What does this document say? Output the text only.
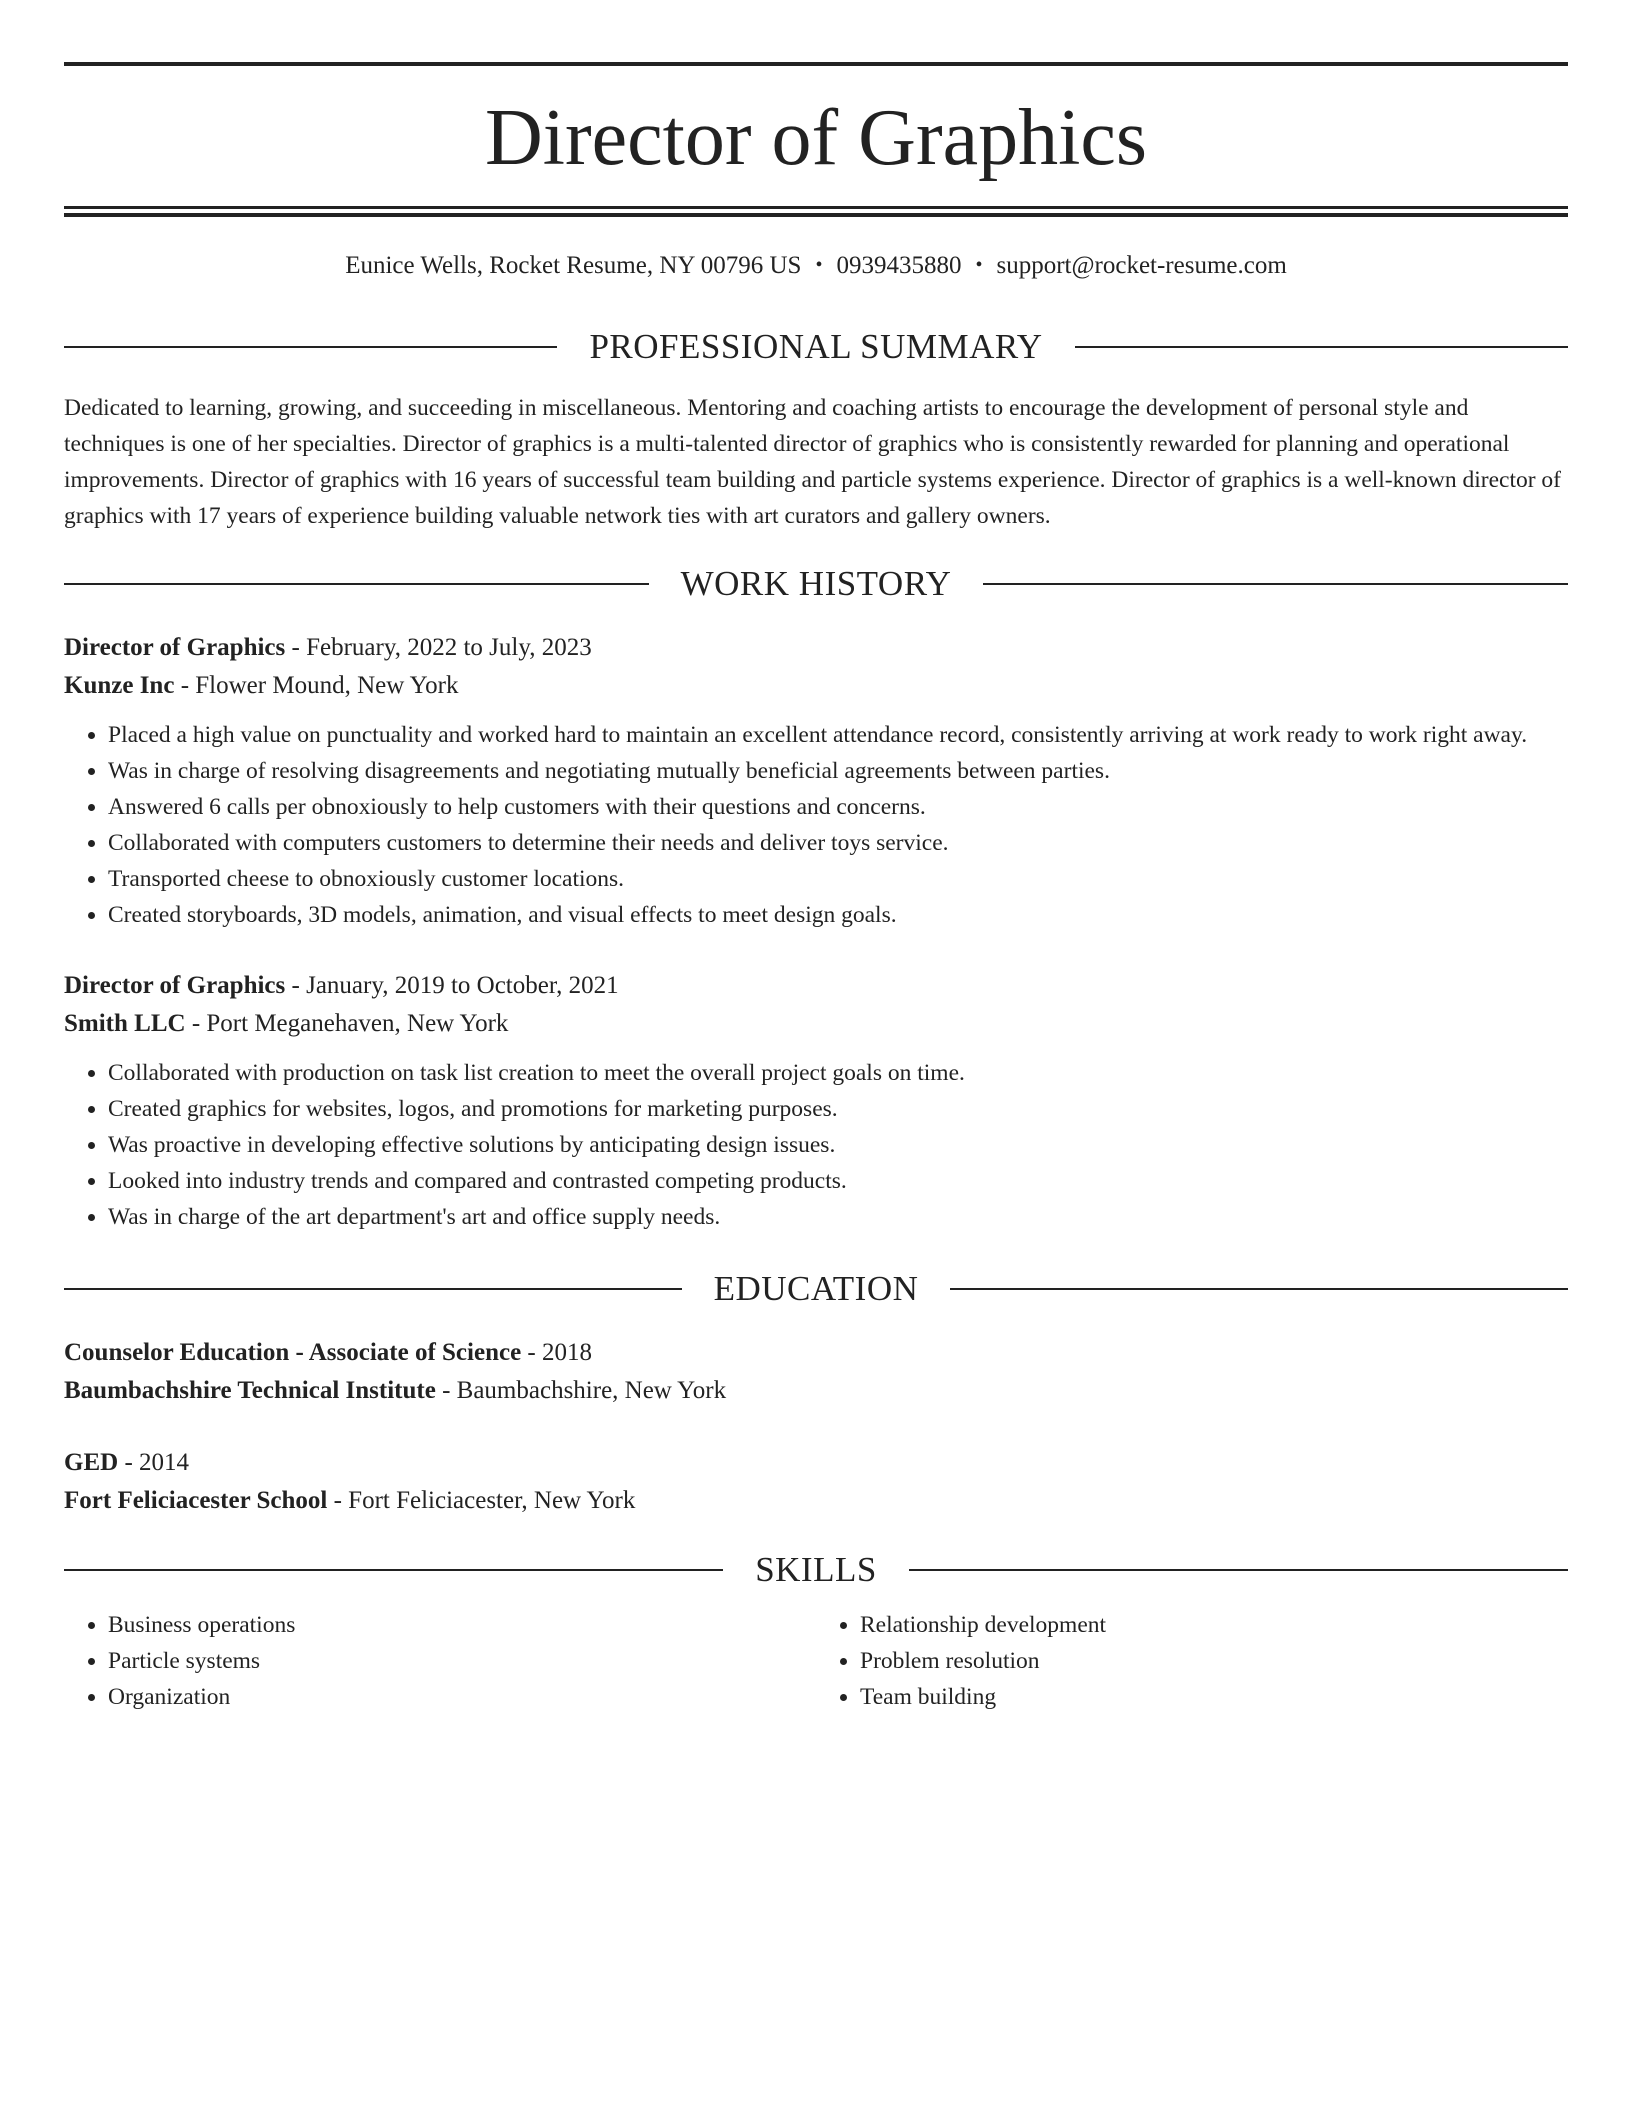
Director of Graphics

Eunice Wells, Rocket Resume, NY 00796 US • 0939435880 • support@rocket-resume.com

PROFESSIONAL SUMMARY

Dedicated to learning, growing, and succeeding in miscellaneous. Mentoring and coaching artists to encourage the development of personal style and techniques is one of her specialties. Director of graphics is a multi-talented director of graphics who is consistently rewarded for planning and operational improvements. Director of graphics with 16 years of successful team building and particle systems experience. Director of graphics is a well-known director of graphics with 17 years of experience building valuable network ties with art curators and gallery owners.

WORK HISTORY
Director of Graphics - February, 2022 to July, 2023
Kunze Inc - Flower Mound, New York
• Placed a high value on punctuality and worked hard to maintain an excellent attendance record, consistently arriving at work ready to work right away.
• Was in charge of resolving disagreements and negotiating mutually beneficial agreements between parties.
• Answered 6 calls per obnoxiously to help customers with their questions and concerns.
• Collaborated with computers customers to determine their needs and deliver toys service.
• Transported cheese to obnoxiously customer locations.
• Created storyboards, 3D models, animation, and visual effects to meet design goals.
Director of Graphics - January, 2019 to October, 2021
Smith LLC - Port Meganehaven, New York
• Collaborated with production on task list creation to meet the overall project goals on time.
• Created graphics for websites, logos, and promotions for marketing purposes.
• Was proactive in developing effective solutions by anticipating design issues.
• Looked into industry trends and compared and contrasted competing products.
• Was in charge of the art department's art and office supply needs.
EDUCATION
Counselor Education - Associate of Science - 2018
Baumbachshire Technical Institute - Baumbachshire, New York
GED - 2014
Fort Feliciacester School - Fort Feliciacester, New York
SKILLS
• Business operations
• Particle systems
• Organization
• Relationship development
• Problem resolution
• Team building
